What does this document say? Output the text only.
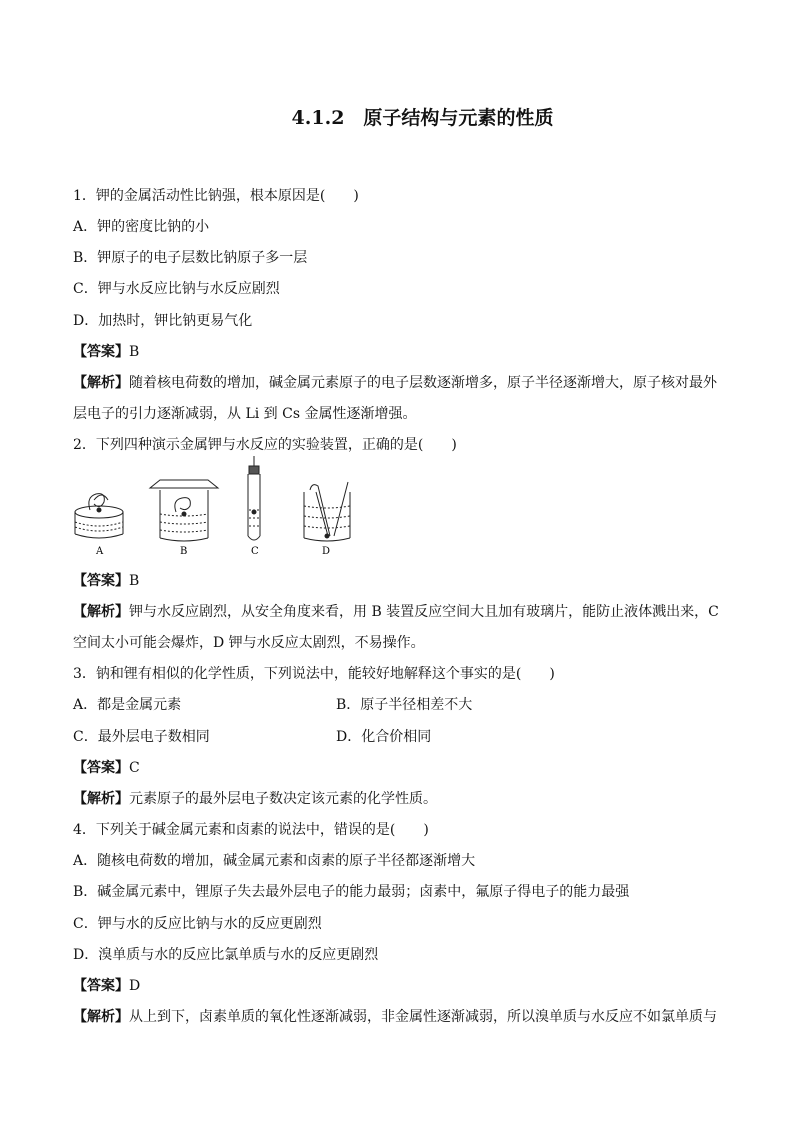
4.1.2　原子结构与元素的性质
1．钾的金属活动性比钠强，根本原因是(　　)
A．钾的密度比钠的小
B．钾原子的电子层数比钠原子多一层
C．钾与水反应比钠与水反应剧烈
D．加热时，钾比钠更易气化
【答案】B
【解析】随着核电荷数的增加，碱金属元素原子的电子层数逐渐增多，原子半径逐渐增大，原子核对最外
层电子的引力逐渐减弱，从 Li 到 Cs 金属性逐渐增强。
2．下列四种演示金属钾与水反应的实验装置，正确的是(　　)
A	B	C	D
【答案】B
【解析】钾与水反应剧烈，从安全角度来看，用 B 装置反应空间大且加有玻璃片，能防止液体溅出来，C
空间太小可能会爆炸，D 钾与水反应太剧烈，不易操作。
3．钠和锂有相似的化学性质，下列说法中，能较好地解释这个事实的是(　　)
A．都是金属元素	B．原子半径相差不大
C．最外层电子数相同	D．化合价相同
【答案】C
【解析】元素原子的最外层电子数决定该元素的化学性质。
4．下列关于碱金属元素和卤素的说法中，错误的是(　　)
A．随核电荷数的增加，碱金属元素和卤素的原子半径都逐渐增大
B．碱金属元素中，锂原子失去最外层电子的能力最弱；卤素中，氟原子得电子的能力最强
C．钾与水的反应比钠与水的反应更剧烈
D．溴单质与水的反应比氯单质与水的反应更剧烈
【答案】D
【解析】从上到下，卤素单质的氧化性逐渐减弱，非金属性逐渐减弱，所以溴单质与水反应不如氯单质与
